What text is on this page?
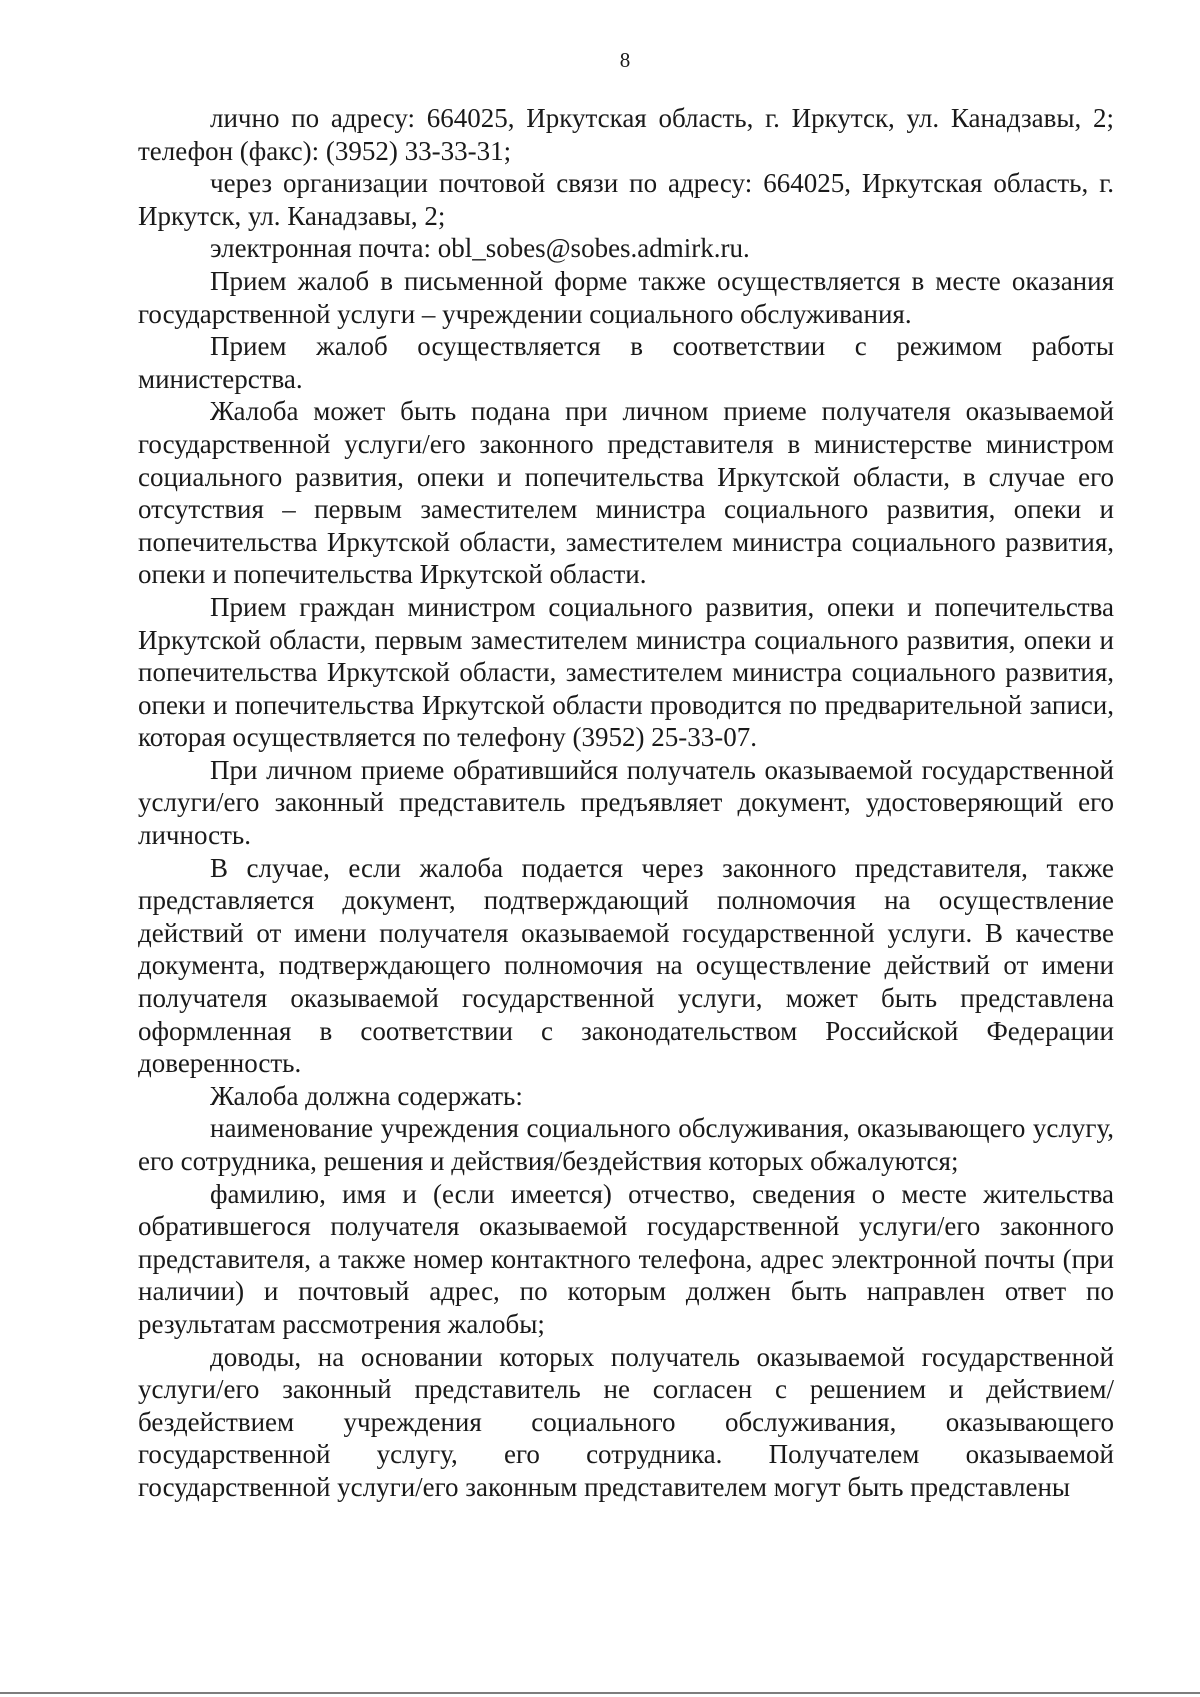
8

лично по адресу: 664025, Иркутская область, г. Иркутск, ул. Канадзавы, 2; телефон (факс): (3952) 33-33-31;

через организации почтовой связи по адресу: 664025, Иркутская область, г. Иркутск, ул. Канадзавы, 2;

электронная почта: obl_sobes@sobes.admirk.ru.

Прием жалоб в письменной форме также осуществляется в месте оказания государственной услуги – учреждении социального обслуживания.

Прием жалоб осуществляется в соответствии с режимом работы министерства.

Жалоба может быть подана при личном приеме получателя оказываемой государственной услуги/его законного представителя в министерстве министром социального развития, опеки и попечительства Иркутской области, в случае его отсутствия – первым заместителем министра социального развития, опеки и попечительства Иркутской области, заместителем министра социального развития, опеки и попечительства Иркутской области.

Прием граждан министром социального развития, опеки и попечительства Иркутской области, первым заместителем министра социального развития, опеки и попечительства Иркутской области, заместителем министра социального развития, опеки и попечительства Иркутской области проводится по предварительной записи, которая осуществляется по телефону (3952) 25-33-07.

При личном приеме обратившийся получатель оказываемой государственной услуги/его законный представитель предъявляет документ, удостоверяющий его личность.

В случае, если жалоба подается через законного представителя, также представляется документ, подтверждающий полномочия на осуществление действий от имени получателя оказываемой государственной услуги. В качестве документа, подтверждающего полномочия на осуществление действий от имени получателя оказываемой государственной услуги, может быть представлена оформленная в соответствии с законодательством Российской Федерации доверенность.

Жалоба должна содержать:

наименование учреждения социального обслуживания, оказывающего услугу, его сотрудника, решения и действия/бездействия которых обжалуются;

фамилию, имя и (если имеется) отчество, сведения о месте жительства обратившегося получателя оказываемой государственной услуги/его законного представителя, а также номер контактного телефона, адрес электронной почты (при наличии) и почтовый адрес, по которым должен быть направлен ответ по результатам рассмотрения жалобы;

доводы, на основании которых получатель оказываемой государственной услуги/его законный представитель не согласен с решением и действием/бездействием учреждения социального обслуживания, оказывающего государственной услугу, его сотрудника. Получателем оказываемой государственной услуги/его законным представителем могут быть представлены
